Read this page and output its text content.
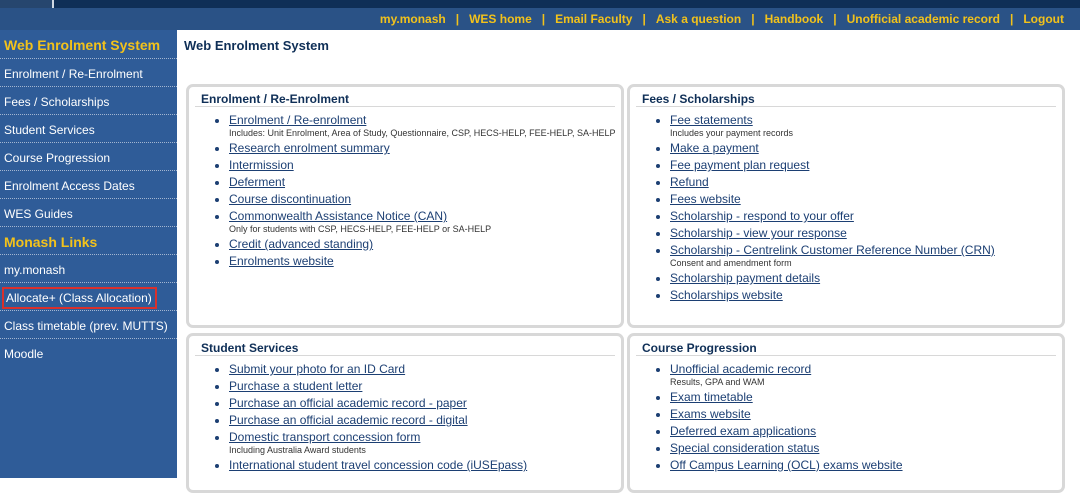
my.monash | WES home | Email Faculty | Ask a question | Handbook | Unofficial academic record | Logout
Web Enrolment System
Enrolment / Re-Enrolment
Fees / Scholarships
Student Services
Course Progression
Enrolment Access Dates
WES Guides
Monash Links
my.monash
Allocate+ (Class Allocation)
Class timetable (prev. MUTTS)
Moodle
Web Enrolment System
Enrolment / Re-Enrolment
• Enrolment / Re-enrolment
Includes: Unit Enrolment, Area of Study, Questionnaire, CSP, HECS-HELP, FEE-HELP, SA-HELP
• Research enrolment summary
• Intermission
• Deferment
• Course discontinuation
• Commonwealth Assistance Notice (CAN)
Only for students with CSP, HECS-HELP, FEE-HELP or SA-HELP
• Credit (advanced standing)
• Enrolments website
Fees / Scholarships
• Fee statements
Includes your payment records
• Make a payment
• Fee payment plan request
• Refund
• Fees website
• Scholarship - respond to your offer
• Scholarship - view your response
• Scholarship - Centrelink Customer Reference Number (CRN)
Consent and amendment form
• Scholarship payment details
• Scholarships website
Student Services
• Submit your photo for an ID Card
• Purchase a student letter
• Purchase an official academic record - paper
• Purchase an official academic record - digital
• Domestic transport concession form
Including Australia Award students
• International student travel concession code (iUSEpass)
Course Progression
• Unofficial academic record
Results, GPA and WAM
• Exam timetable
• Exams website
• Deferred exam applications
• Special consideration status
• Off Campus Learning (OCL) exams website
